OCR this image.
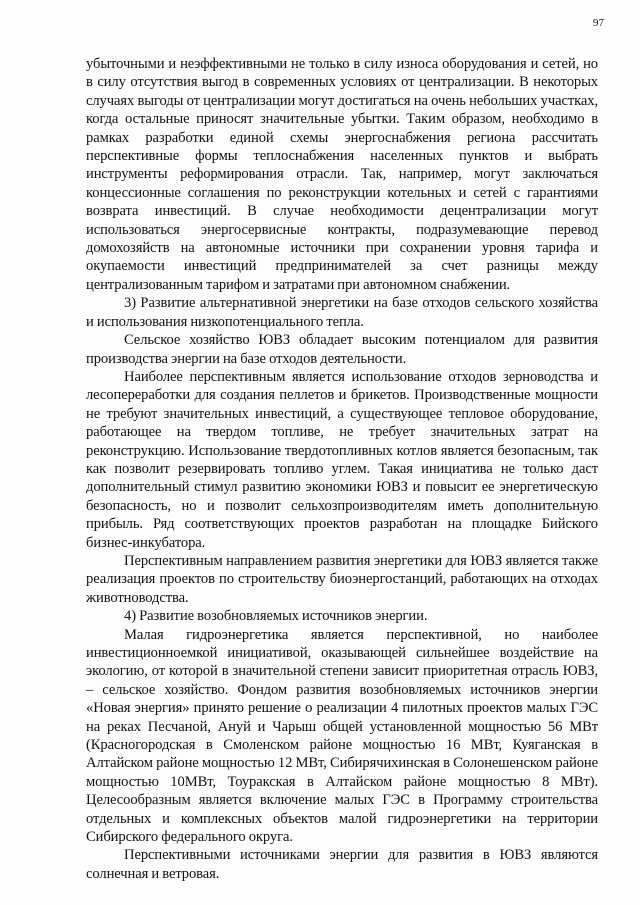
97

убыточными и неэффективными не только в силу износа оборудования и сетей, но в силу отсутствия выгод в современных условиях от централизации. В некоторых случаях выгоды от централизации могут достигаться на очень небольших участках, когда остальные приносят значительные убытки. Таким образом, необходимо в рамках разработки единой схемы энергоснабжения региона рассчитать перспективные формы теплоснабжения населенных пунктов и выбрать инструменты реформирования отрасли. Так, например, могут заключаться концессионные соглашения по реконструкции котельных и сетей с гарантиями возврата инвестиций. В случае необходимости децентрализации могут использоваться энергосервисные контракты, подразумевающие перевод домохозяйств на автономные источники при сохранении уровня тарифа и окупаемости инвестиций предпринимателей за счет разницы между централизованным тарифом и затратами при автономном снабжении.

3) Развитие альтернативной энергетики на базе отходов сельского хозяйства и использования низкопотенциального тепла.

Сельское хозяйство ЮВЗ обладает высоким потенциалом для развития производства энергии на базе отходов деятельности.

Наиболее перспективным является использование отходов зерноводства и лесопереработки для создания пеллетов и брикетов. Производственные мощности не требуют значительных инвестиций, а существующее тепловое оборудование, работающее на твердом топливе, не требует значительных затрат на реконструкцию. Использование твердотопливных котлов является безопасным, так как позволит резервировать топливо углем. Такая инициатива не только даст дополнительный стимул развитию экономики ЮВЗ и повысит ее энергетическую безопасность, но и позволит сельхозпроизводителям иметь дополнительную прибыль. Ряд соответствующих проектов разработан на площадке Бийского бизнес-инкубатора.

Перспективным направлением развития энергетики для ЮВЗ является также реализация проектов по строительству биоэнергостанций, работающих на отходах животноводства.

4) Развитие возобновляемых источников энергии.

Малая гидроэнергетика является перспективной, но наиболее инвестиционноемкой инициативой, оказывающей сильнейшее воздействие на экологию, от которой в значительной степени зависит приоритетная отрасль ЮВЗ, – сельское хозяйство. Фондом развития возобновляемых источников энергии «Новая энергия» принято решение о реализации 4 пилотных проектов малых ГЭС на реках Песчаной, Ануй и Чарыш общей установленной мощностью 56 МВт (Красногородская в Смоленском районе мощностью 16 МВт, Куяганская в Алтайском районе мощностью 12 МВт, Сибирячихинская в Солонешенском районе мощностью 10МВт, Тоуракская в Алтайском районе мощностью 8 МВт). Целесообразным является включение малых ГЭС в Программу строительства отдельных и комплексных объектов малой гидроэнергетики на территории Сибирского федерального округа.

Перспективными источниками энергии для развития в ЮВЗ являются солнечная и ветровая.
